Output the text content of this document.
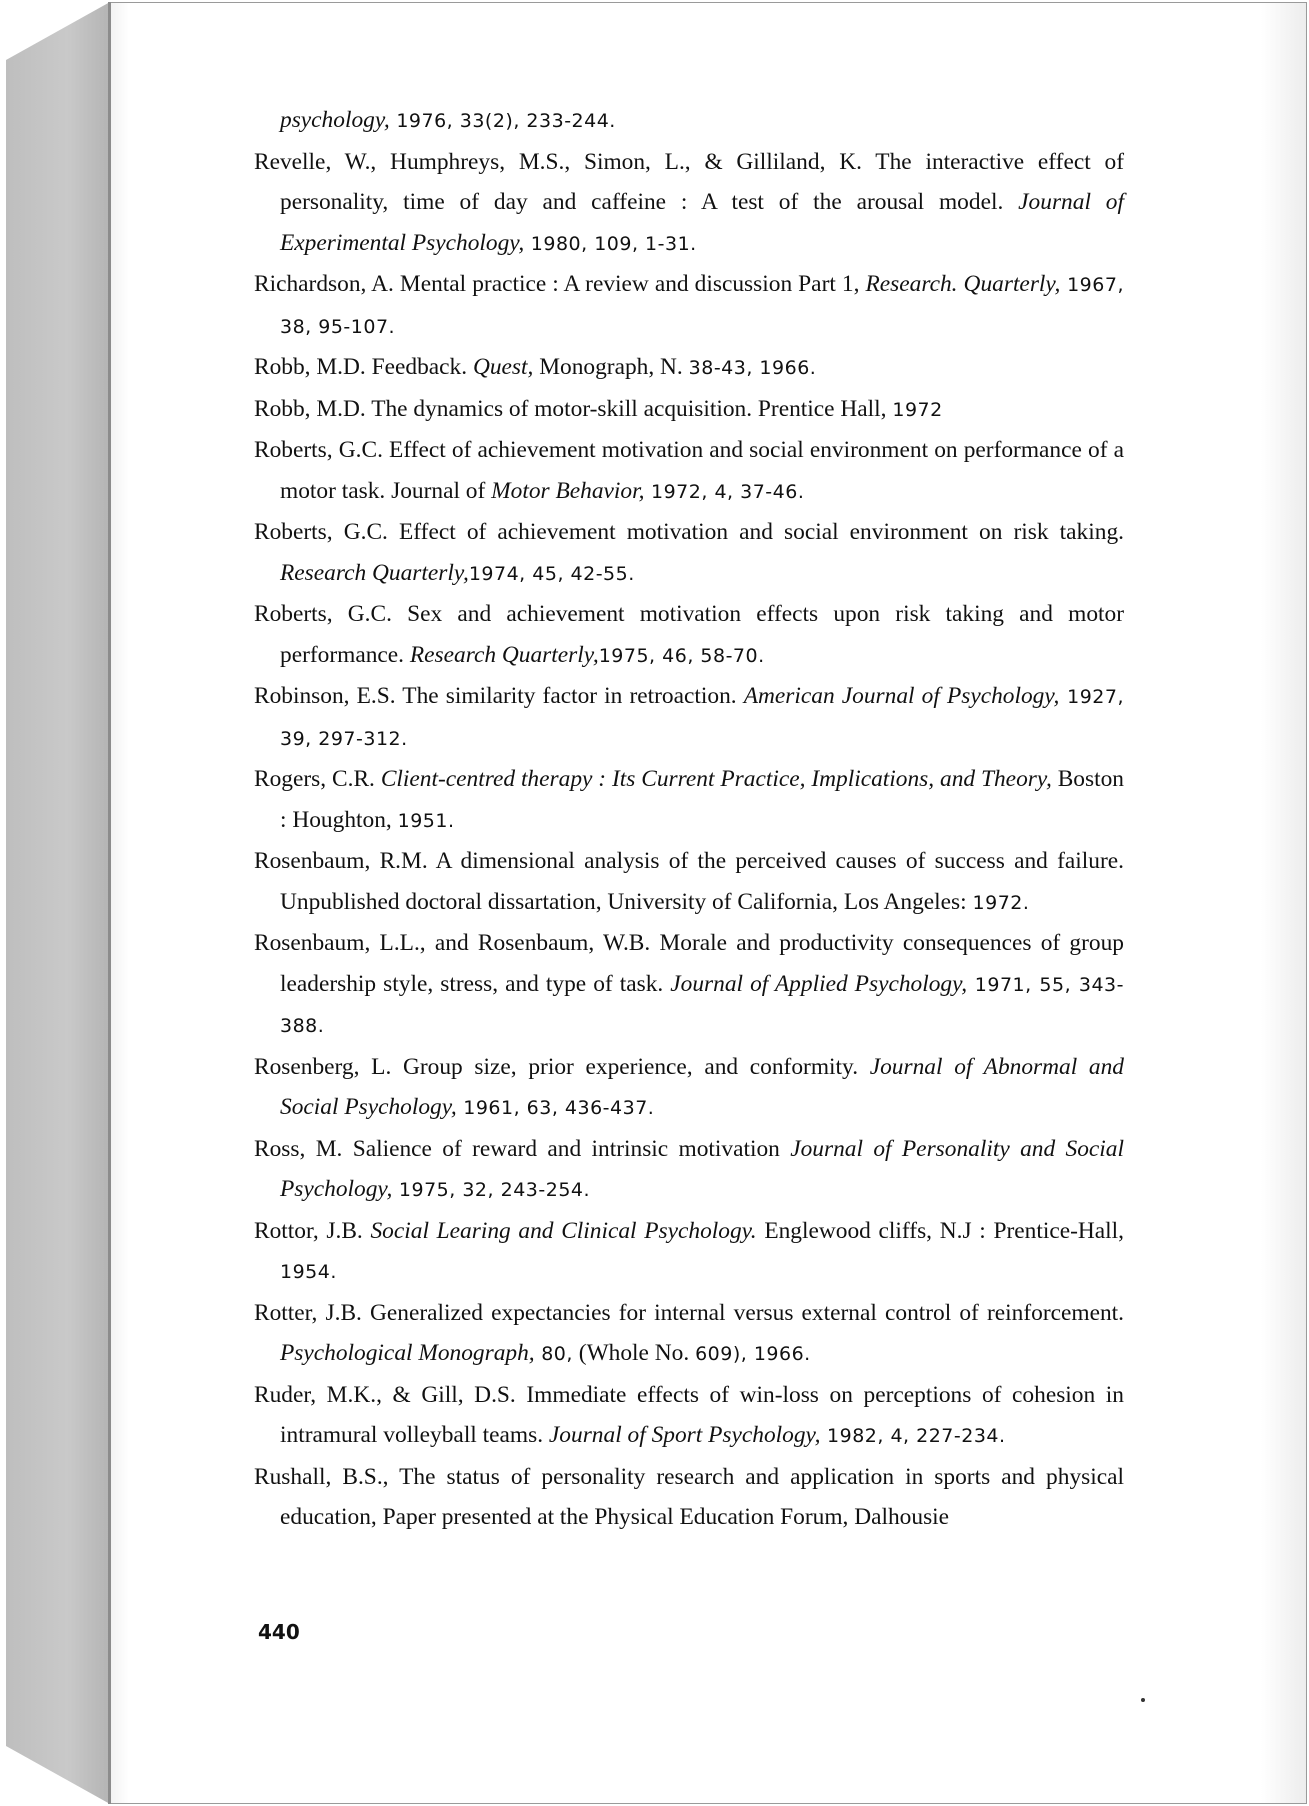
psychology, 1976, 33(2), 233-244.
Revelle, W., Humphreys, M.S., Simon, L., & Gilliland, K. The interactive effect of personality, time of day and caffeine : A test of the arousal model. Journal of Experimental Psychology, 1980, 109, 1-31.
Richardson, A. Mental practice : A review and discussion Part 1, Research. Quarterly, 1967, 38, 95-107.
Robb, M.D. Feedback. Quest, Monograph, N. 38-43, 1966.
Robb, M.D. The dynamics of motor-skill acquisition. Prentice Hall, 1972
Roberts, G.C. Effect of achievement motivation and social environment on performance of a motor task. Journal of Motor Behavior, 1972, 4, 37-46.
Roberts, G.C. Effect of achievement motivation and social environment on risk taking. Research Quarterly,1974, 45, 42-55.
Roberts, G.C. Sex and achievement motivation effects upon risk taking and motor performance. Research Quarterly,1975, 46, 58-70.
Robinson, E.S. The similarity factor in retroaction. American Journal of Psychology, 1927, 39, 297-312.
Rogers, C.R. Client-centred therapy : Its Current Practice, Implications, and Theory, Boston : Houghton, 1951.
Rosenbaum, R.M. A dimensional analysis of the perceived causes of success and failure. Unpublished doctoral dissartation, University of California, Los Angeles: 1972.
Rosenbaum, L.L., and Rosenbaum, W.B. Morale and productivity consequences of group leadership style, stress, and type of task. Journal of Applied Psychology, 1971, 55, 343-388.
Rosenberg, L. Group size, prior experience, and conformity. Journal of Abnormal and Social Psychology, 1961, 63, 436-437.
Ross, M. Salience of reward and intrinsic motivation Journal of Personality and Social Psychology, 1975, 32, 243-254.
Rottor, J.B. Social Learing and Clinical Psychology. Englewood cliffs, N.J : Prentice-Hall, 1954.
Rotter, J.B. Generalized expectancies for internal versus external control of reinforcement. Psychological Monograph, 80, (Whole No. 609), 1966.
Ruder, M.K., & Gill, D.S. Immediate effects of win-loss on perceptions of cohesion in intramural volleyball teams. Journal of Sport Psychology, 1982, 4, 227-234.
Rushall, B.S., The status of personality research and application in sports and physical education, Paper presented at the Physical Education Forum, Dalhousie
440
